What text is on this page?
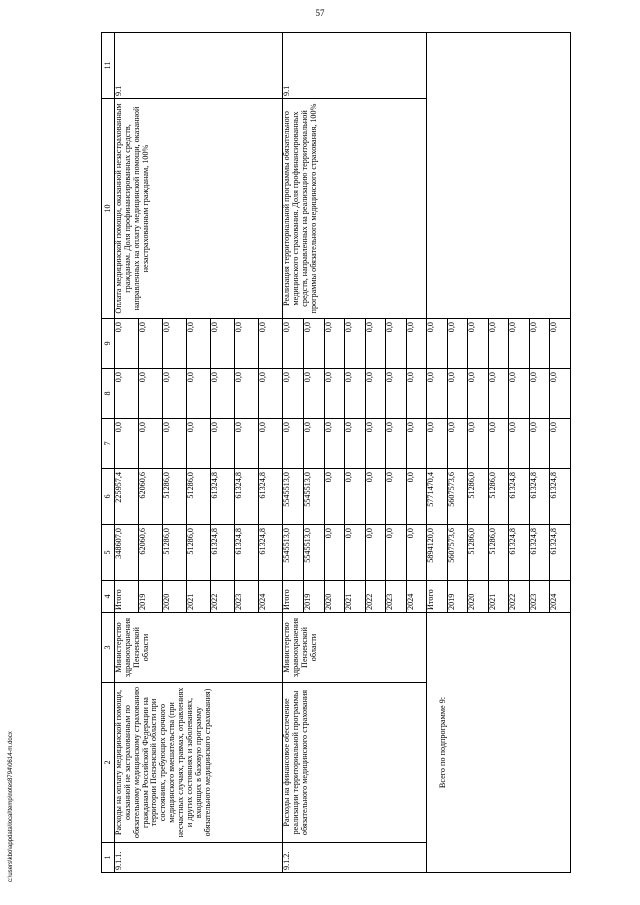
57
1	2	3	4	5	6	7	8	9	10	11
9.1.1.	Расходы на оплату медицинской помощи, оказанной не застрахованным по обязательному медицинскому страхованию гражданам Российской Федерации на территории Пензенской области при состояниях, требующих срочного медицинского вмешательства (при несчастных случаях, травмах, отравлениях и других состояниях и заболеваниях, входящих в базовую программу обязательного медицинского страхования)	Министерство здравоохранения Пензенской области	Итого	348607,0	225957,4	0,0	0,0	0,0	Оплата медицинской помощи, оказанной незастрахованным гражданам. Доля профинансированных средств, направленных на оплату медицинской помощи, оказанной незастрахованным гражданам, 100%	9.1
			2019	62060,6	62060,6	0,0	0,0	0,0		
			2020	51286,0	51286,0	0,0	0,0	0,0		
			2021	51286,0	51286,0	0,0	0,0	0,0		
			2022	61324,8	61324,8	0,0	0,0	0,0		
			2023	61324,8	61324,8	0,0	0,0	0,0		
			2024	61324,8	61324,8	0,0	0,0	0,0		
9.1.2.	Расходы на финансовое обеспечение реализации территориальной программы обязательного медицинского страхования	Министерство здравоохранения Пензенской области	Итого	5545513,0	5545513,0	0,0	0,0	0,0	Реализация территориальной программы обязательного медицинского страхования. Доля профинансированных средств, направленных на реализацию территориальной программы обязательного медицинского страхования, 100%	9.1
			2019	5545513,0	5545513,0	0,0	0,0	0,0		
			2020	0,0	0,0	0,0	0,0	0,0		
			2021	0,0	0,0	0,0	0,0	0,0		
			2022	0,0	0,0	0,0	0,0	0,0		
			2023	0,0	0,0	0,0	0,0	0,0		
			2024	0,0	0,0	0,0	0,0	0,0		
Всего по подпрограмме 9:			Итого	5894120,0	5771470,4	0,0	0,0	0,0		
			2019	5607573,6	5607573,6	0,0	0,0	0,0		
			2020	51286,0	51286,0	0,0	0,0	0,0		
			2021	51286,0	51286,0	0,0	0,0	0,0		
			2022	61324,8	61324,8	0,0	0,0	0,0		
			2023	61324,8	61324,8	0,0	0,0	0,0		
			2024	61324,8	61324,8	0,0	0,0	0,0		
c:\users\kbo\appdata\local\temp\notes8794\0614-m.docx
